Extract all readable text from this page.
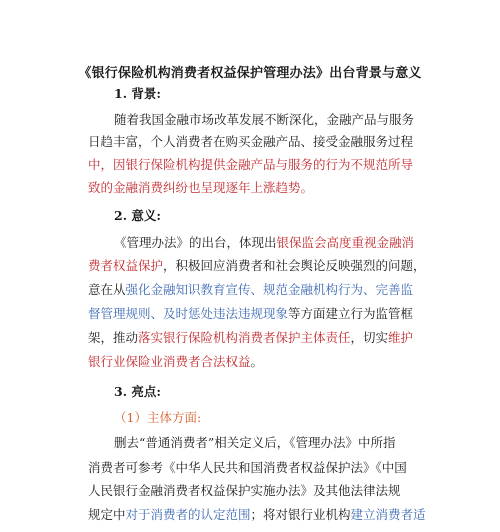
《银行保险机构消费者权益保护管理办法》出台背景与意义
1. 背景:
随着我国金融市场改革发展不断深化，金融产品与服务
日趋丰富，个人消费者在购买金融产品、接受金融服务过程
中，因银行保险机构提供金融产品与服务的行为不规范所导
致的金融消费纠纷也呈现逐年上涨趋势。
2. 意义:
《管理办法》的出台，体现出银保监会高度重视金融消
费者权益保护，积极回应消费者和社会舆论反映强烈的问题，
意在从强化金融知识教育宣传、规范金融机构行为、完善监
督管理规则、及时惩处违法违规现象等方面建立行为监管框
架，推动落实银行保险机构消费者保护主体责任，切实维护
银行业保险业消费者合法权益。
3. 亮点:
（1）主体方面:
删去“普通消费者”相关定义后，《管理办法》中所指
消费者可参考《中华人民共和国消费者权益保护法》《中国
人民银行金融消费者权益保护实施办法》及其他法律法规
规定中对于消费者的认定范围；将对银行业机构建立消费者适
